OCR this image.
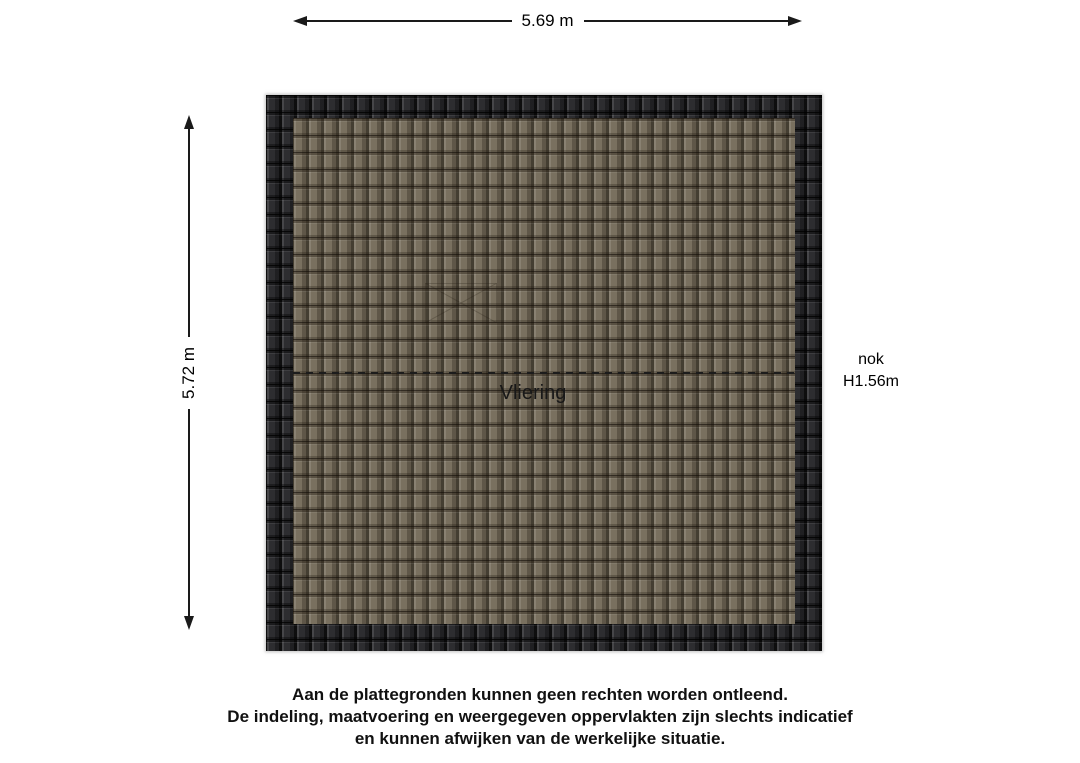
5.69 m
5.72 m	Vliering
nok
H1.56m
Aan de plattegronden kunnen geen rechten worden ontleend.
De indeling, maatvoering en weergegeven oppervlakten zijn slechts indicatief
en kunnen afwijken van de werkelijke situatie.
